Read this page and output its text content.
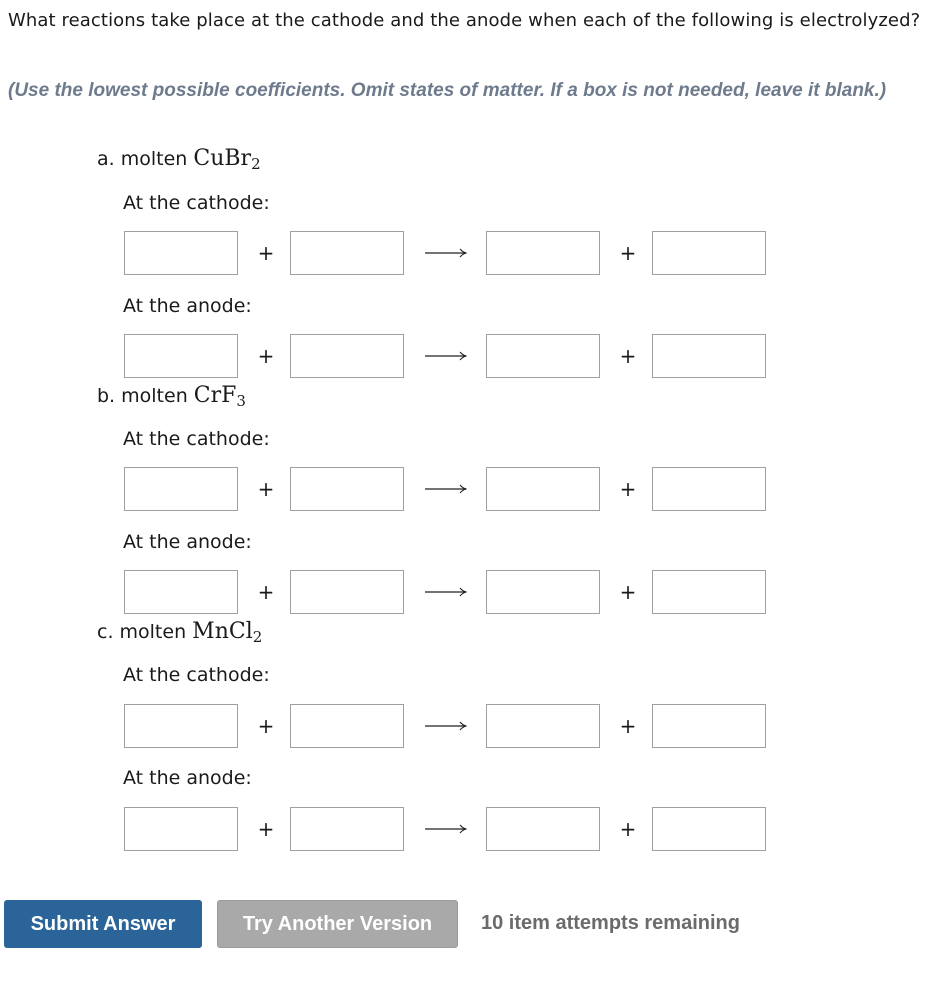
What reactions take place at the cathode and the anode when each of the following is electrolyzed?
(Use the lowest possible coefficients. Omit states of matter. If a box is not needed, leave it blank.)
a. molten CuBr$_2$
b. molten CrF$_3$
c. molten MnCl$_2$
At the cathode:
At the anode:
At the cathode:
At the anode:
At the cathode:
At the anode:
+	+
+	+
+	+
+	+
+	+
+	+
Submit Answer	Try Another Version	10 item attempts remaining
